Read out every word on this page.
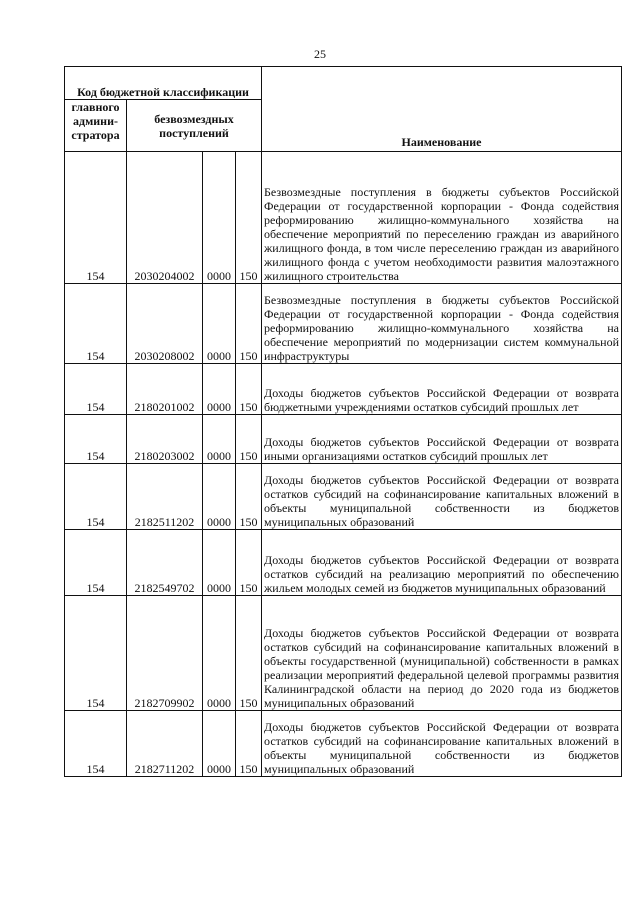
25
Код бюджетной классификации				Наименование
главного админи- стратора	безвозмездных поступлений			
154	2030204002	0000	150	Безвозмездные поступления в бюджеты субъектов Российской Федерации от государственной корпорации - Фонда содействия реформированию жилищно-коммунального хозяйства на обеспечение мероприятий по переселению граждан из аварийного жилищного фонда, в том числе переселению граждан из аварийного жилищного фонда с учетом необходимости развития малоэтажного жилищного строительства
154	2030208002	0000	150	Безвозмездные поступления в бюджеты субъектов Российской Федерации от государственной корпорации - Фонда содействия реформированию жилищно-коммунального хозяйства на обеспечение мероприятий по модернизации систем коммунальной инфраструктуры
154	2180201002	0000	150	Доходы бюджетов субъектов Российской Федерации от возврата бюджетными учреждениями остатков субсидий прошлых лет
154	2180203002	0000	150	Доходы бюджетов субъектов Российской Федерации от возврата иными организациями остатков субсидий прошлых лет
154	2182511202	0000	150	Доходы бюджетов субъектов Российской Федерации от возврата остатков субсидий на софинансирование капитальных вложений в объекты муниципальной собственности из бюджетов муниципальных образований
154	2182549702	0000	150	Доходы бюджетов субъектов Российской Федерации от возврата остатков субсидий на реализацию мероприятий по обеспечению жильем молодых семей из бюджетов муниципальных образований
154	2182709902	0000	150	Доходы бюджетов субъектов Российской Федерации от возврата остатков субсидий на софинансирование капитальных вложений в объекты государственной (муниципальной) собственности в рамках реализации мероприятий федеральной целевой программы развития Калининградской области на период до 2020 года из бюджетов муниципальных образований
154	2182711202	0000	150	Доходы бюджетов субъектов Российской Федерации от возврата остатков субсидий на софинансирование капитальных вложений в объекты муниципальной собственности из бюджетов муниципальных образований
